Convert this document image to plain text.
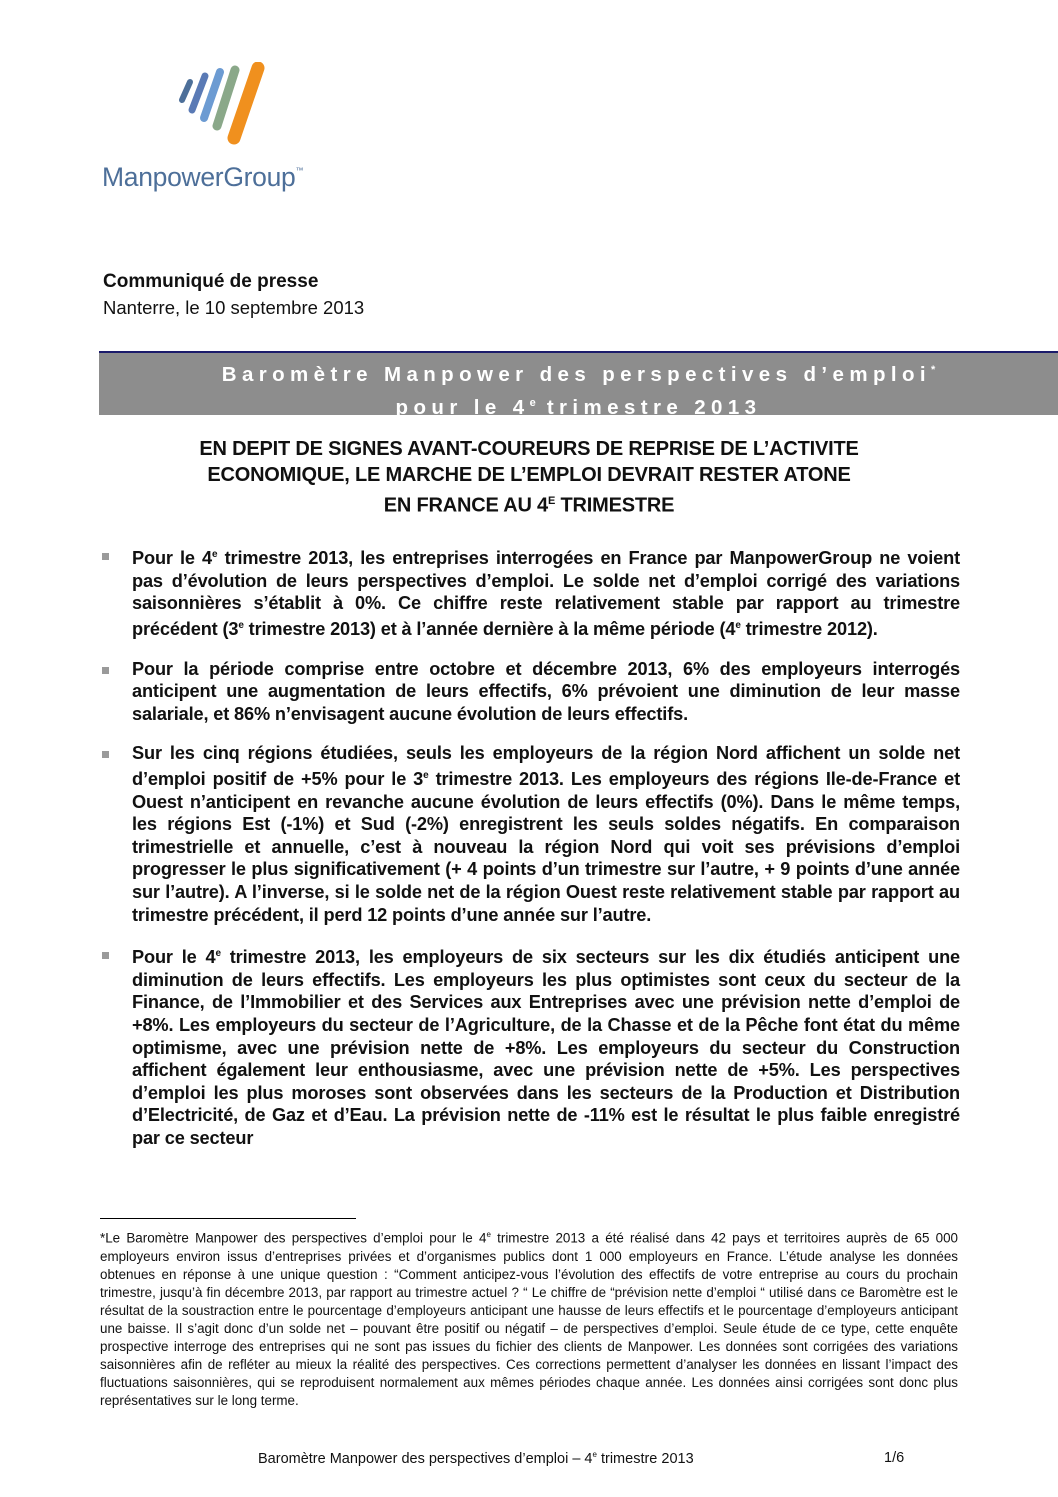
ManpowerGroup™
Communiqué de presse
Nanterre, le 10 septembre 2013
Baromètre Manpower des perspectives d’emploi*
pour le 4e trimestre 2013
EN DEPIT DE SIGNES AVANT-COUREURS DE REPRISE DE L’ACTIVITE
ECONOMIQUE, LE MARCHE DE L’EMPLOI DEVRAIT RESTER ATONE
EN FRANCE AU $4^E$ TRIMESTRE
Pour le 4e trimestre 2013, les entreprises interrogées en France par ManpowerGroup ne voient pas d’évolution de leurs perspectives d’emploi. Le solde net d’emploi corrigé des variations saisonnières s’établit à 0%. Ce chiffre reste relativement stable par rapport au trimestre précédent (3e trimestre 2013) et à l’année dernière à la même période (4e trimestre 2012).
Pour la période comprise entre octobre et décembre 2013, 6% des employeurs interrogés anticipent une augmentation de leurs effectifs, 6% prévoient une diminution de leur masse salariale, et 86% n’envisagent aucune évolution de leurs effectifs.
Sur les cinq régions étudiées, seuls les employeurs de la région Nord affichent un solde net d’emploi positif de +5% pour le 3e trimestre 2013. Les employeurs des régions Ile-de-France et Ouest n’anticipent en revanche aucune évolution de leurs effectifs (0%). Dans le même temps, les régions Est (-1%) et Sud (-2%) enregistrent les seuls soldes négatifs. En comparaison trimestrielle et annuelle, c’est à nouveau la région Nord qui voit ses prévisions d’emploi progresser le plus significativement (+ 4 points d’un trimestre sur l’autre, + 9 points d’une année sur l’autre). A l’inverse, si le solde net de la région Ouest reste relativement stable par rapport au trimestre précédent, il perd 12 points d’une année sur l’autre.
Pour le 4e trimestre 2013, les employeurs de six secteurs sur les dix étudiés anticipent une diminution de leurs effectifs. Les employeurs les plus optimistes sont ceux du secteur de la Finance, de l’Immobilier et des Services aux Entreprises avec une prévision nette d’emploi de +8%. Les employeurs du secteur de l’Agriculture, de la Chasse et de la Pêche font état du même optimisme, avec une prévision nette de +8%. Les employeurs du secteur du Construction affichent également leur enthousiasme, avec une prévision nette de +5%. Les perspectives d’emploi les plus moroses sont observées dans les secteurs de la Production et Distribution d’Electricité, de Gaz et d’Eau. La prévision nette de -11% est le résultat le plus faible enregistré par ce secteur
*Le Baromètre Manpower des perspectives d’emploi pour le 4e trimestre 2013 a été réalisé dans 42 pays et territoires auprès de 65 000 employeurs environ issus d’entreprises privées et d’organismes publics dont 1 000 employeurs en France. L’étude analyse les données obtenues en réponse à une unique question : “Comment anticipez-vous l’évolution des effectifs de votre entreprise au cours du prochain trimestre, jusqu’à fin décembre 2013, par rapport au trimestre actuel ? “ Le chiffre de “prévision nette d’emploi “ utilisé dans ce Baromètre est le résultat de la soustraction entre le pourcentage d’employeurs anticipant une hausse de leurs effectifs et le pourcentage d’employeurs anticipant une baisse. Il s’agit donc d’un solde net – pouvant être positif ou négatif – de perspectives d’emploi. Seule étude de ce type, cette enquête prospective interroge des entreprises qui ne sont pas issues du fichier des clients de Manpower. Les données sont corrigées des variations saisonnières afin de refléter au mieux la réalité des perspectives. Ces corrections permettent d’analyser les données en lissant l’impact des fluctuations saisonnières, qui se reproduisent normalement aux mêmes périodes chaque année. Les données ainsi corrigées sont donc plus représentatives sur le long terme.
Baromètre Manpower des perspectives d’emploi – 4e trimestre 2013	1/6
